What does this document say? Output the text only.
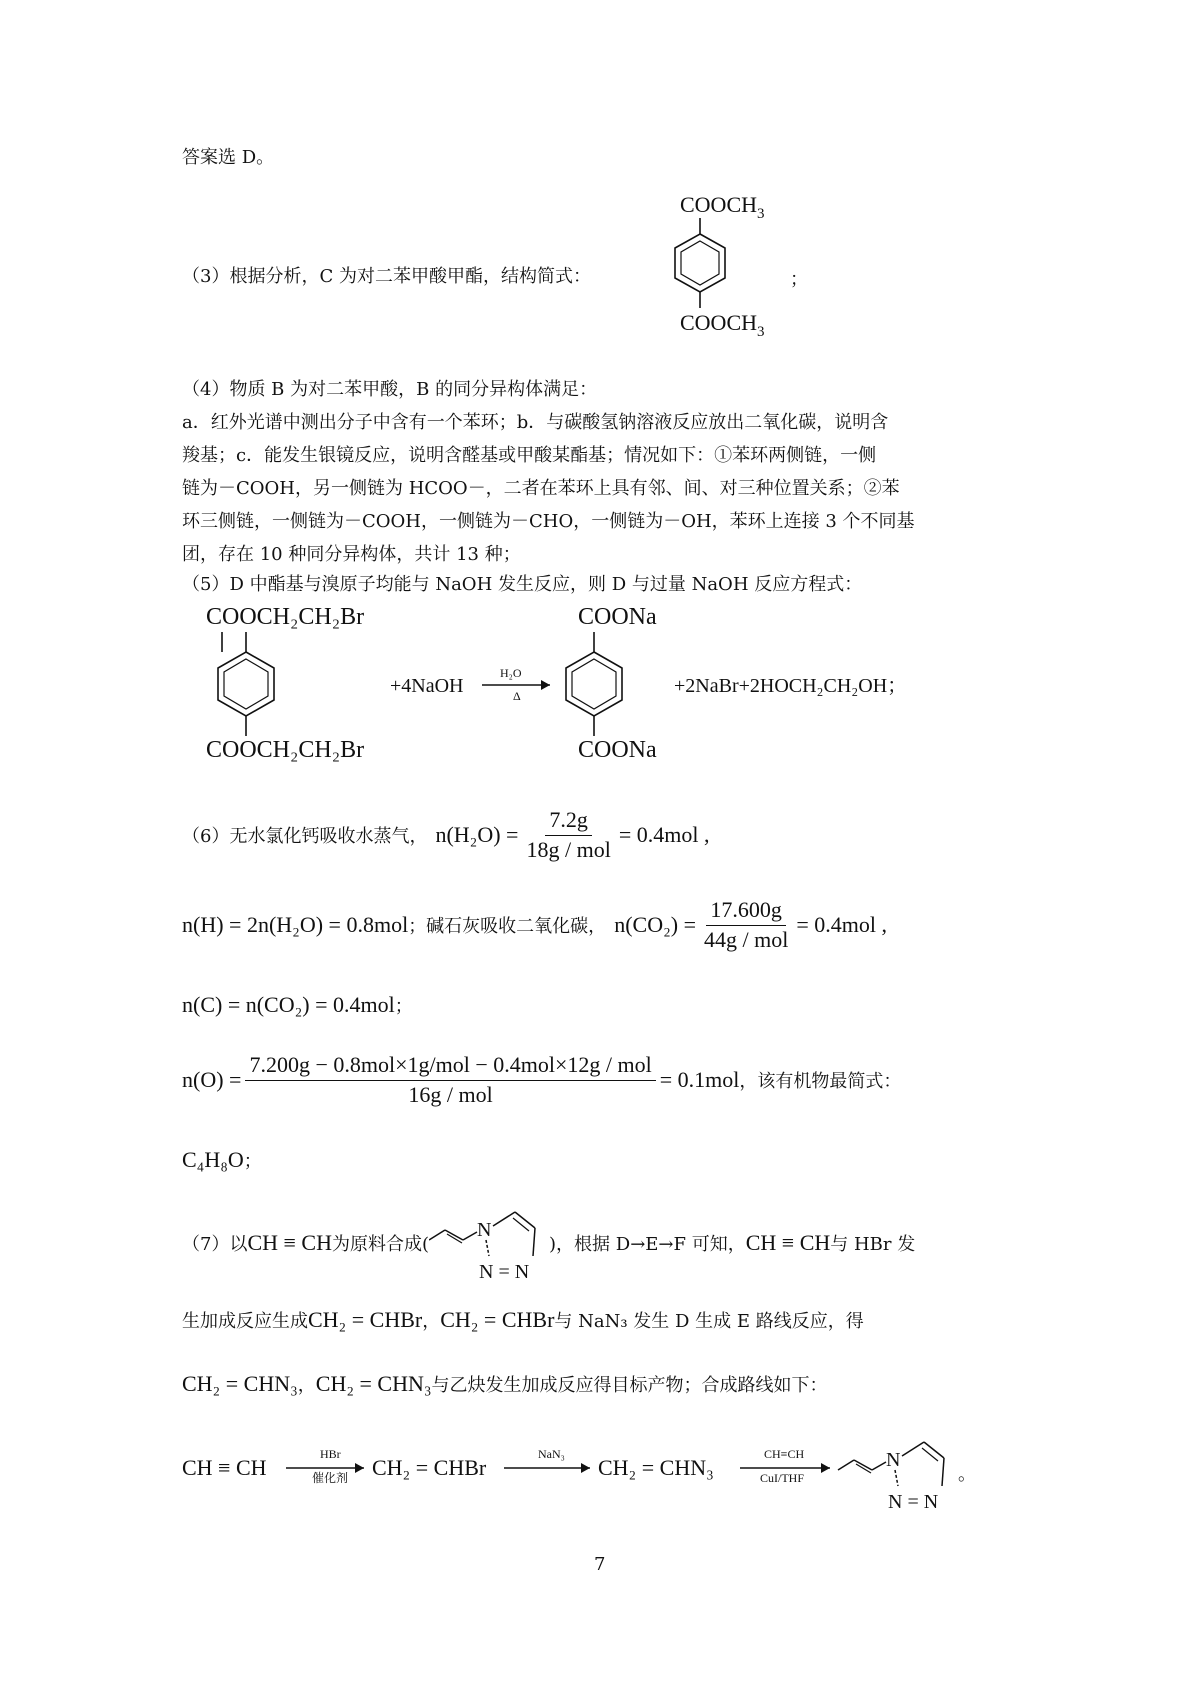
答案选 D。
（3）根据分析，C 为对二苯甲酸甲酯，结构简式：
$COOCH_3$
$COOCH_3$
；
（4）物质 B 为对二苯甲酸，B 的同分异构体满足：
a．红外光谱中测出分子中含有一个苯环；b．与碳酸氢钠溶液反应放出二氧化碳，说明含
羧基；c．能发生银镜反应，说明含醛基或甲酸某酯基；情况如下：①苯环两侧链，一侧
链为－COOH，另一侧链为 HCOO－，二者在苯环上具有邻、间、对三种位置关系；②苯
环三侧链，一侧链为－COOH，一侧链为－CHO，一侧链为－OH，苯环上连接 3 个不同基
团，存在 10 种同分异构体，共计 13 种；
（5）D 中酯基与溴原子均能与 NaOH 发生反应，则 D 与过量 NaOH 反应方程式：
COOCH₂CH₂Br
COOCH₂CH₂Br
+4NaOH
H₂O
Δ
COONa
COONa
+2NaBr+2HOCH₂CH₂OH；
（6）无水氯化钙吸收水蒸气， $n(H_2O) = \frac{7.2g}{\text{18g / mol}} = 0.4mol$ ,
n(H) = 2n(H₂O) = 0.8mol ；碱石灰吸收二氧化碳， $n(CO_2) = \frac{17.600g}{\text{44g / mol}} = 0.4mol$ ,
n(C) = n(CO₂) = 0.4mol ；
$n(O) = \frac{\text{7.200g − 0.8mol×1g/mol − 0.4mol×12g / mol}}{\text{16g / mol}} = 0.1mol$ ，该有机物最简式：
C₄H₈O ；
（7）以 CH ≡ CH 为原料合成(
N
N = N
)，根据 D→E→F 可知， CH ≡ CH 与 HBr 发
生加成反应生成 CH₂ = CHBr ， CH₂ = CHBr 与 NaN₃ 发生 D 生成 E 路线反应，得
CH₂ = CHN₃ ， CH₂ = CHN₃ 与乙炔发生加成反应得目标产物；合成路线如下：
CH ≡ CH
HBr
催化剂 CH₂ = CHBr
NaN₃
CH₂ = CHN₃
CH≡CH
CuI/THF
N
N = N
。
7
